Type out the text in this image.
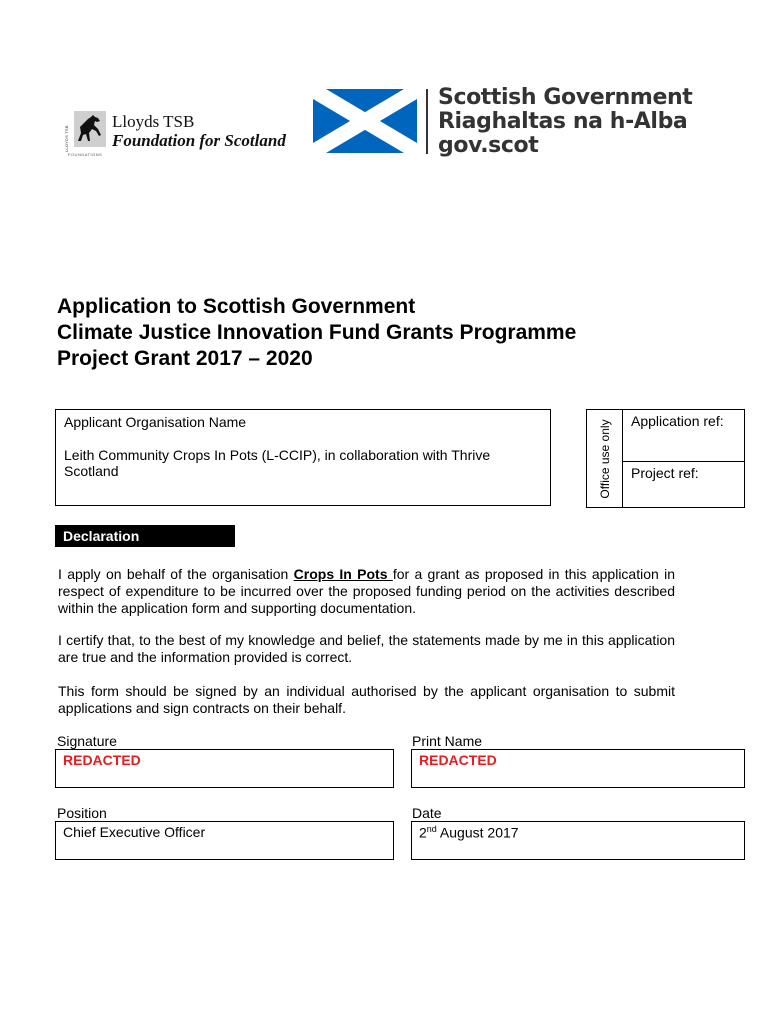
LLOYDS TSB
FOUNDATIONS
Lloyds TSB
Foundation for Scotland
Scottish Government
Riaghaltas na h-Alba
gov.scot
Application to Scottish Government
Climate Justice Innovation Fund Grants Programme
Project Grant 2017 – 2020
Applicant Organisation Name
Leith Community Crops In Pots (L-CCIP), in collaboration with Thrive Scotland	Office use only Application ref:
Project ref:
Declaration
I apply on behalf of the organisation Crops In Pots for a grant as proposed in this application in respect of expenditure to be incurred over the proposed funding period on the activities described within the application form and supporting documentation.
I certify that, to the best of my knowledge and belief, the statements made by me in this application are true and the information provided is correct.
This form should be signed by an individual authorised by the applicant organisation to submit applications and sign contracts on their behalf.
Signature
REDACTED
Print Name
REDACTED
Position
Chief Executive Officer
Date
2nd August 2017
